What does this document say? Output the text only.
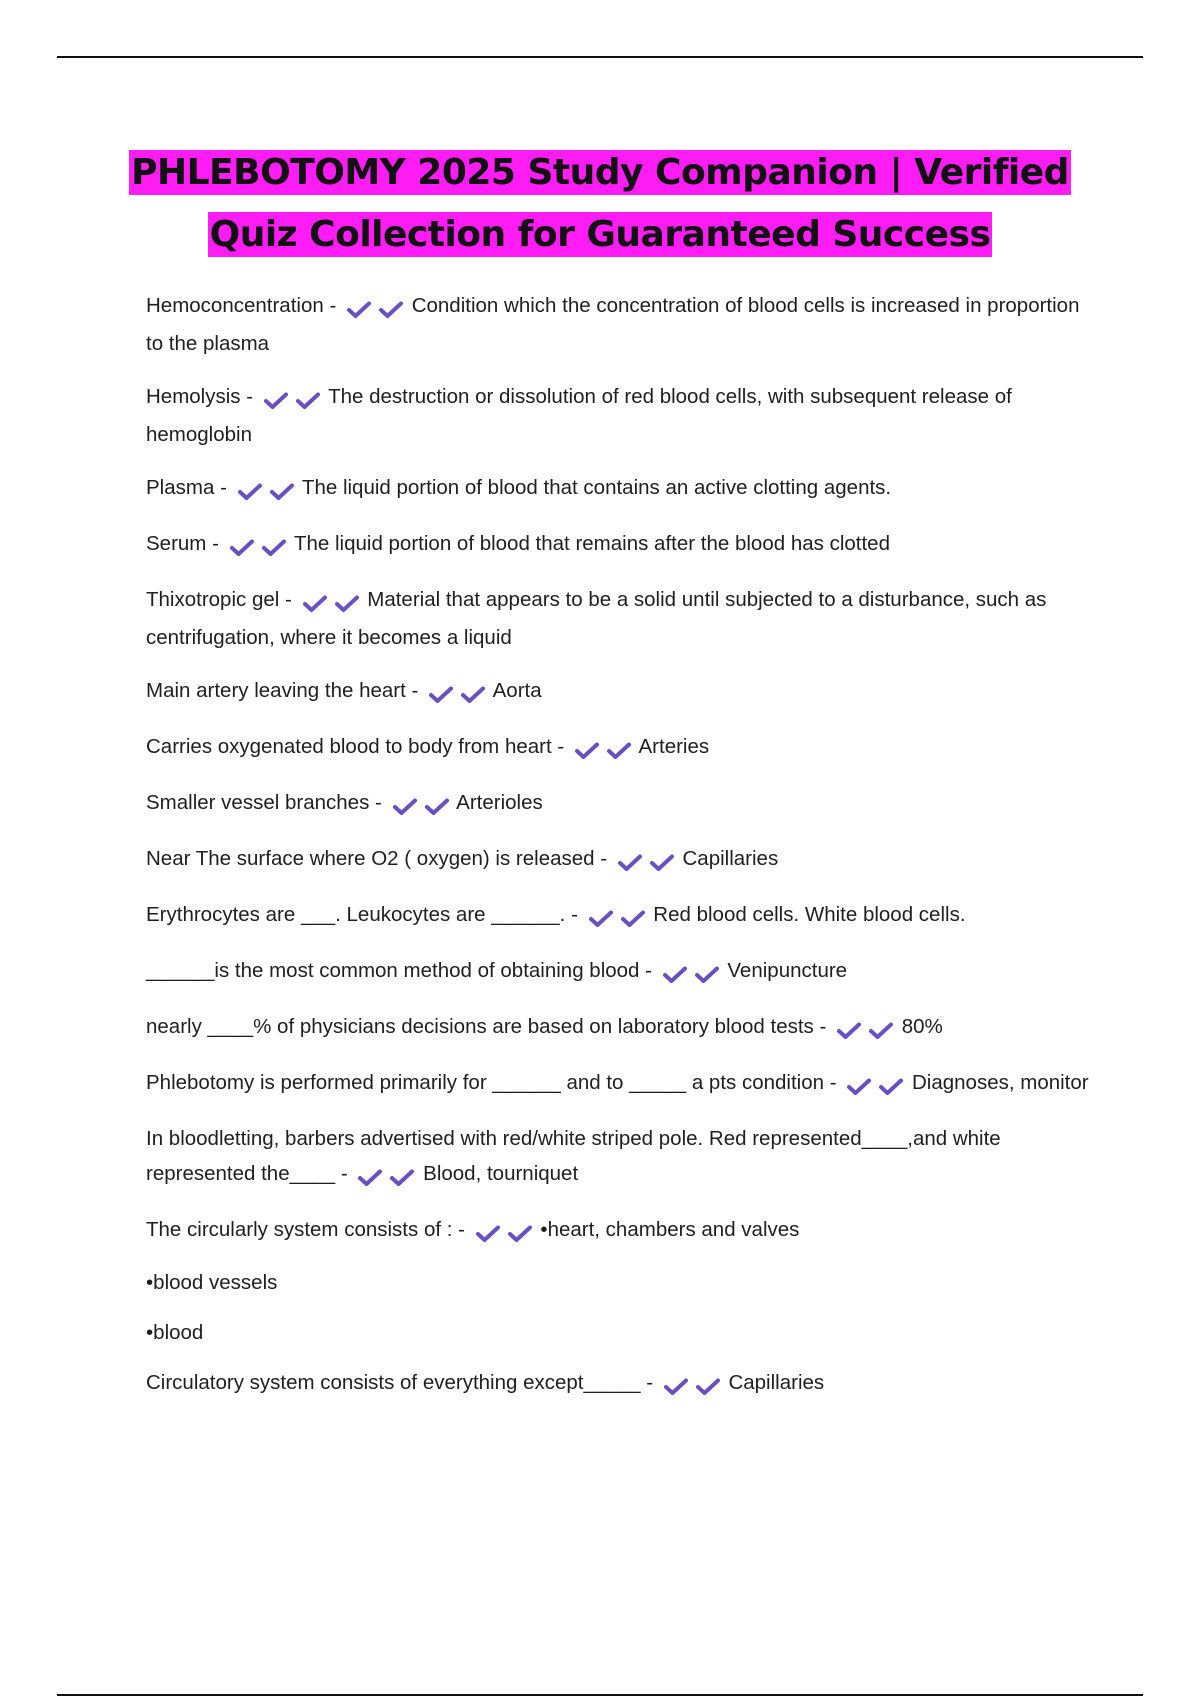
PHLEBOTOMY 2025 Study Companion | Verified
Quiz Collection for Guaranteed Success

Hemoconcentration -	Condition which the concentration of blood cells is increased in proportion to the plasma

Hemolysis -	The destruction or dissolution of red blood cells, with subsequent release of hemoglobin

Plasma -	The liquid portion of blood that contains an active clotting agents.

Serum -	The liquid portion of blood that remains after the blood has clotted

Thixotropic gel -	Material that appears to be a solid until subjected to a disturbance, such as centrifugation, where it becomes a liquid

Main artery leaving the heart -	Aorta

Carries oxygenated blood to body from heart -	Arteries

Smaller vessel branches -	Arterioles

Near The surface where O2 ( oxygen) is released -	Capillaries

Erythrocytes are ___. Leukocytes are ______. -	Red blood cells. White blood cells.

______is the most common method of obtaining blood -	Venipuncture

nearly ____% of physicians decisions are based on laboratory blood tests -	80%

Phlebotomy is performed primarily for ______ and to _____ a pts condition -	Diagnoses, monitor

In bloodletting, barbers advertised with red/white striped pole. Red represented____,and white represented the____ -	Blood, tourniquet

The circularly system consists of : -	•heart, chambers and valves

•blood vessels

•blood

Circulatory system consists of everything except_____ -	Capillaries
